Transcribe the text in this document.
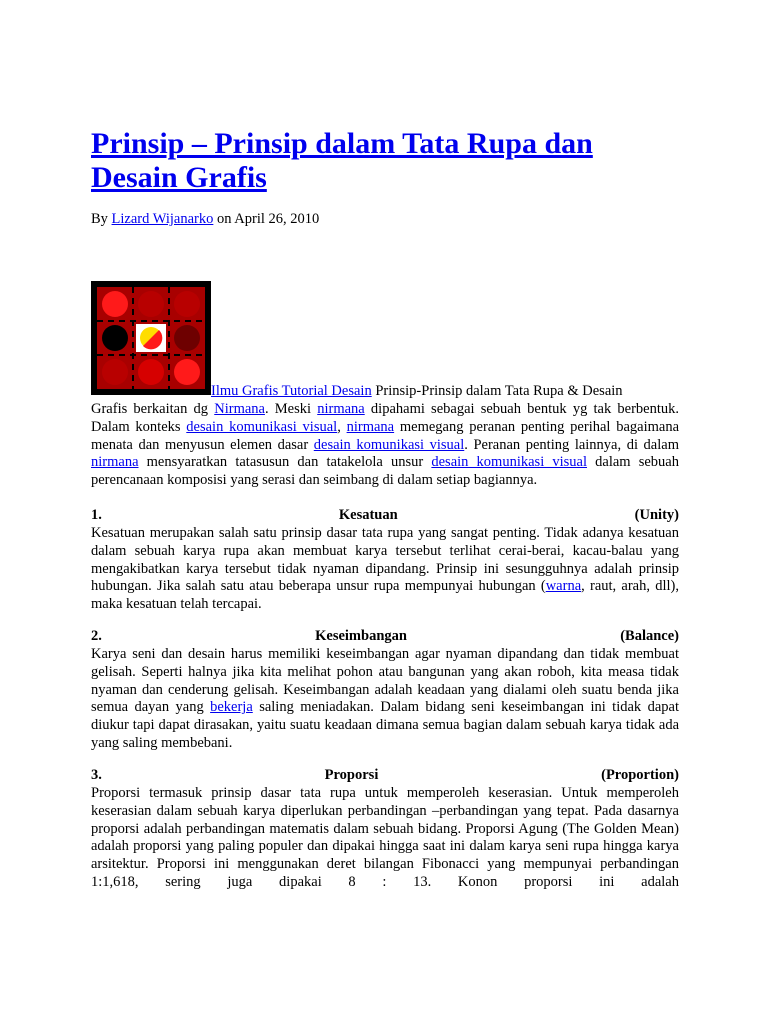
Prinsip – Prinsip dalam Tata Rupa dan Desain Grafis

By Lizard Wijanarko on April 26, 2010

Ilmu Grafis Tutorial Desain Prinsip-Prinsip dalam Tata Rupa & Desain

Grafis berkaitan dg Nirmana. Meski nirmana dipahami sebagai sebuah bentuk yg tak berbentuk. Dalam konteks desain komunikasi visual, nirmana memegang peranan penting perihal bagaimana menata dan menyusun elemen dasar desain komunikasi visual. Peranan penting lainnya, di dalam nirmana mensyaratkan tatasusun dan tatakelola unsur desain komunikasi visual dalam sebuah perencanaan komposisi yang serasi dan seimbang di dalam setiap bagiannya.

1.	Kesatuan	(Unity)

Kesatuan merupakan salah satu prinsip dasar tata rupa yang sangat penting. Tidak adanya kesatuan dalam sebuah karya rupa akan membuat karya tersebut terlihat cerai-berai, kacau-balau yang mengakibatkan karya tersebut tidak nyaman dipandang. Prinsip ini sesungguhnya adalah prinsip hubungan. Jika salah satu atau beberapa unsur rupa mempunyai hubungan (warna, raut, arah, dll), maka kesatuan telah tercapai.

2.	Keseimbangan	(Balance)

Karya seni dan desain harus memiliki keseimbangan agar nyaman dipandang dan tidak membuat gelisah. Seperti halnya jika kita melihat pohon atau bangunan yang akan roboh, kita measa tidak nyaman dan cenderung gelisah. Keseimbangan adalah keadaan yang dialami oleh suatu benda jika semua dayan yang bekerja saling meniadakan. Dalam bidang seni keseimbangan ini tidak dapat diukur tapi dapat dirasakan, yaitu suatu keadaan dimana semua bagian dalam sebuah karya tidak ada yang saling membebani.

3.	Proporsi	(Proportion)

Proporsi termasuk prinsip dasar tata rupa untuk memperoleh keserasian. Untuk memperoleh keserasian dalam sebuah karya diperlukan perbandingan –perbandingan yang tepat. Pada dasarnya proporsi adalah perbandingan matematis dalam sebuah bidang. Proporsi Agung (The Golden Mean) adalah proporsi yang paling populer dan dipakai hingga saat ini dalam karya seni rupa hingga karya arsitektur. Proporsi ini menggunakan deret bilangan Fibonacci yang mempunyai perbandingan 1:1,618, sering juga dipakai 8 : 13. Konon proporsi ini adalah
